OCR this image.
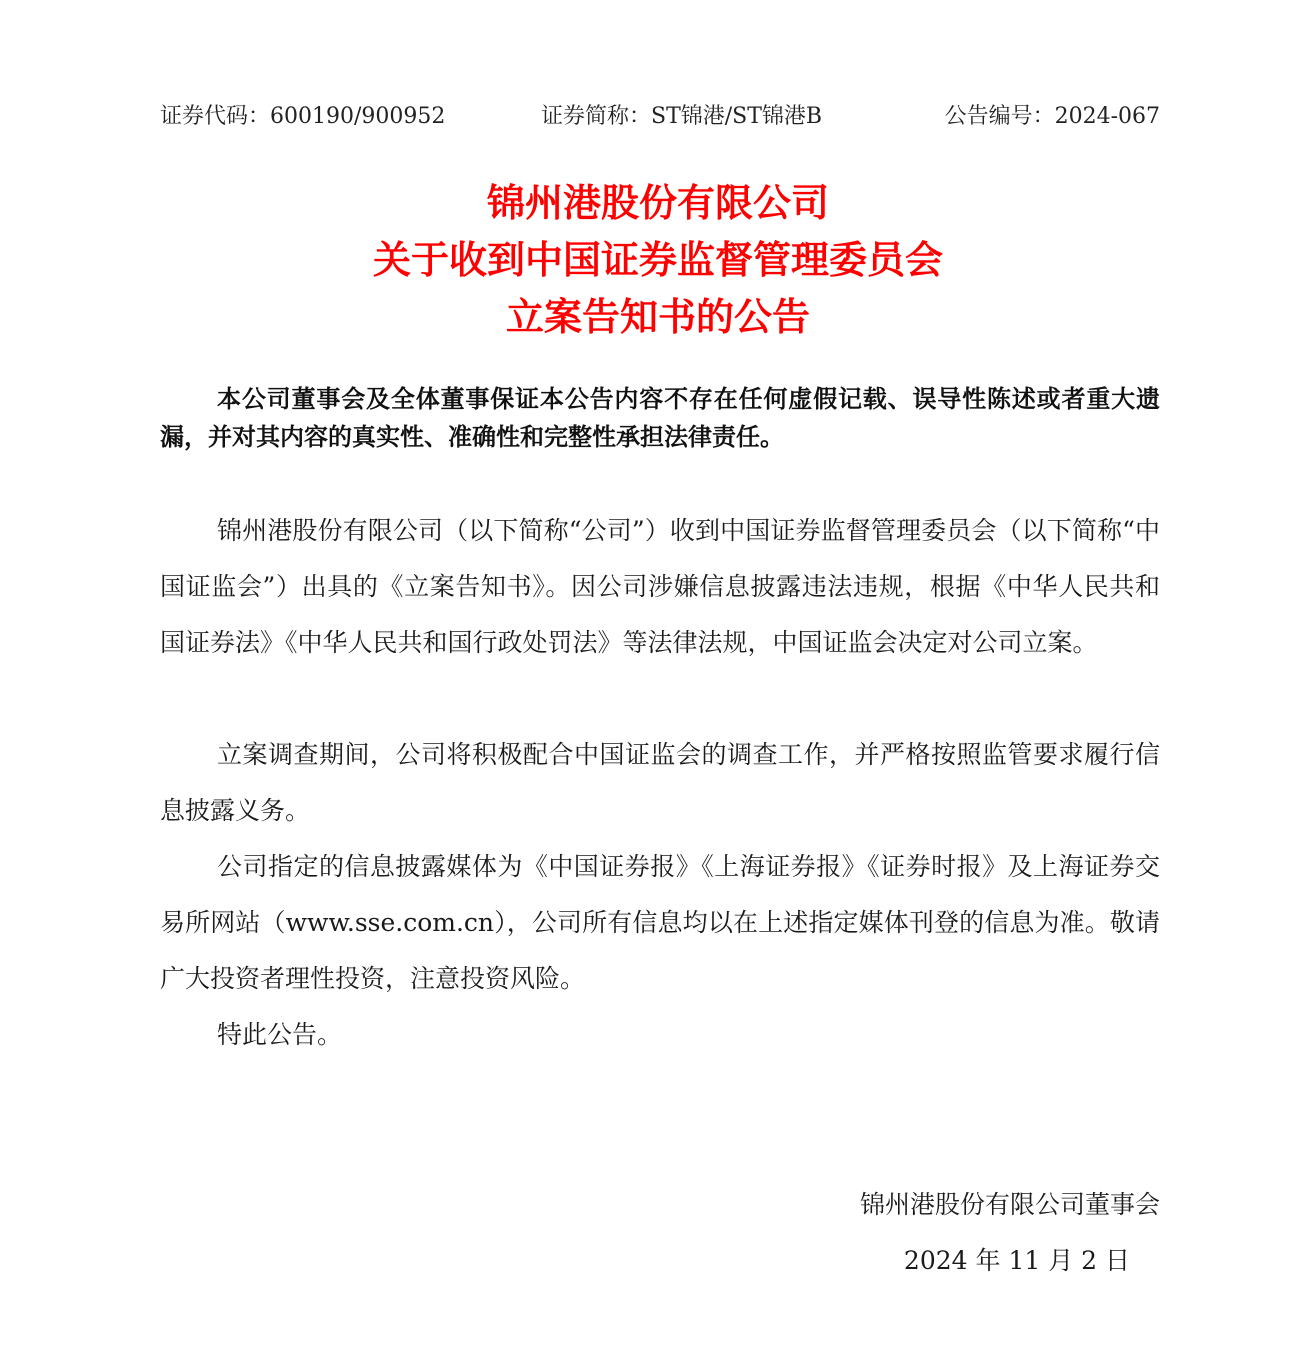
证券代码：600190/900952	证券简称：ST锦港/ST锦港B	公告编号：2024-067
锦州港股份有限公司
关于收到中国证券监督管理委员会
立案告知书的公告
本公司董事会及全体董事保证本公告内容不存在任何虚假记载、误导性陈述或者重大遗漏，并对其内容的真实性、准确性和完整性承担法律责任。
锦州港股份有限公司（以下简称“公司”）收到中国证券监督管理委员会（以下简称“中国证监会”）出具的《立案告知书》。因公司涉嫌信息披露违法违规，根据《中华人民共和国证券法》《中华人民共和国行政处罚法》等法律法规，中国证监会决定对公司立案。
立案调查期间，公司将积极配合中国证监会的调查工作，并严格按照监管要求履行信息披露义务。
公司指定的信息披露媒体为《中国证券报》《上海证券报》《证券时报》及上海证券交易所网站（www.sse.com.cn），公司所有信息均以在上述指定媒体刊登的信息为准。敬请广大投资者理性投资，注意投资风险。
特此公告。
锦州港股份有限公司董事会
2024 年 11 月 2 日
